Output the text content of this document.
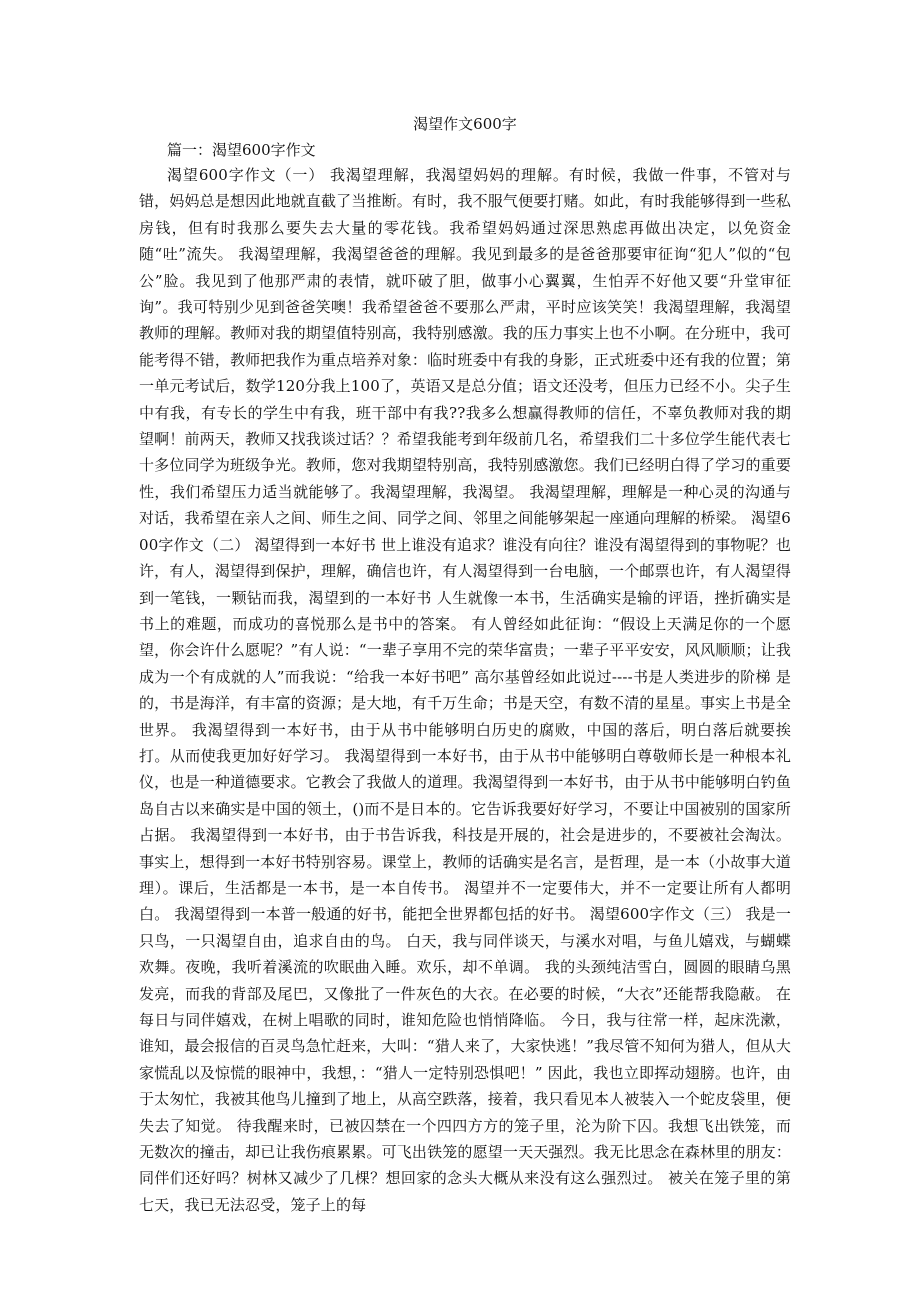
渴望作文600字

篇一：渴望600字作文

渴望600字作文（一） 我渴望理解，我渴望妈妈的理解。有时候，我做一件事，不管对与错，妈妈总是想因此地就直截了当推断。有时，我不服气便要打赌。如此，有时我能够得到一些私房钱，但有时我那么要失去大量的零花钱。我希望妈妈通过深思熟虑再做出决定，以免资金随“吐”流失。 我渴望理解，我渴望爸爸的理解。我见到最多的是爸爸那要审征询“犯人”似的“包公”脸。我见到了他那严肃的表情，就吓破了胆，做事小心翼翼，生怕弄不好他又要“升堂审征询”。我可特别少见到爸爸笑噢！我希望爸爸不要那么严肃，平时应该笑笑！我渴望理解，我渴望教师的理解。教师对我的期望值特别高，我特别感激。我的压力事实上也不小啊。在分班中，我可能考得不错，教师把我作为重点培养对象：临时班委中有我的身影，正式班委中还有我的位置；第一单元考试后，数学120分我上100了，英语又是总分值；语文还没考，但压力已经不小。尖子生中有我，有专长的学生中有我，班干部中有我??我多么想赢得教师的信任，不辜负教师对我的期望啊！前两天，教师又找我谈过话？？希望我能考到年级前几名，希望我们二十多位学生能代表七十多位同学为班级争光。教师，您对我期望特别高，我特别感激您。我们已经明白得了学习的重要性，我们希望压力适当就能够了。我渴望理解，我渴望。 我渴望理解，理解是一种心灵的沟通与对话，我希望在亲人之间、师生之间、同学之间、邻里之间能够架起一座通向理解的桥梁。 渴望600字作文（二） 渴望得到一本好书 世上谁没有追求？谁没有向往？谁没有渴望得到的事物呢？也许，有人，渴望得到保护，理解，确信也许，有人渴望得到一台电脑，一个邮票也许，有人渴望得到一笔钱，一颗钻而我，渴望到的一本好书 人生就像一本书，生活确实是输的评语，挫折确实是书上的难题，而成功的喜悦那么是书中的答案。 有人曾经如此征询：“假设上天满足你的一个愿望，你会许什么愿呢？”有人说：“一辈子享用不完的荣华富贵；一辈子平平安安，风风顺顺；让我成为一个有成就的人”而我说：“给我一本好书吧” 高尔基曾经如此说过----书是人类进步的阶梯 是的，书是海洋，有丰富的资源；是大地，有千万生命；书是天空，有数不清的星星。事实上书是全世界。 我渴望得到一本好书，由于从书中能够明白历史的腐败，中国的落后，明白落后就要挨打。从而使我更加好好学习。 我渴望得到一本好书，由于从书中能够明白尊敬师长是一种根本礼仪，也是一种道德要求。它教会了我做人的道理。我渴望得到一本好书，由于从书中能够明白钓鱼岛自古以来确实是中国的领土，()而不是日本的。它告诉我要好好学习，不要让中国被别的国家所占据。 我渴望得到一本好书，由于书告诉我，科技是开展的，社会是进步的，不要被社会淘汰。 事实上，想得到一本好书特别容易。课堂上，教师的话确实是名言，是哲理，是一本（小故事大道理）。课后，生活都是一本书，是一本自传书。 渴望并不一定要伟大，并不一定要让所有人都明白。 我渴望得到一本普一般通的好书，能把全世界都包括的好书。 渴望600字作文（三） 我是一只鸟，一只渴望自由，追求自由的鸟。 白天，我与同伴谈天，与溪水对唱，与鱼儿嬉戏，与蝴蝶欢舞。夜晚，我听着溪流的吹眠曲入睡。欢乐，却不单调。 我的头颈纯洁雪白，圆圆的眼睛乌黑发亮，而我的背部及尾巴，又像批了一件灰色的大衣。在必要的时候，“大衣”还能帮我隐蔽。 在每日与同伴嬉戏，在树上唱歌的同时，谁知危险也悄悄降临。 今日，我与往常一样，起床洗漱，谁知，最会报信的百灵鸟急忙赶来，大叫：“猎人来了，大家快逃！”我尽管不知何为猎人，但从大家慌乱以及惊慌的眼神中，我想，：“猎人一定特别恐惧吧！” 因此，我也立即挥动翅膀。也许，由于太匆忙，我被其他鸟儿撞到了地上，从高空跌落，接着，我只看见本人被装入一个蛇皮袋里，便失去了知觉。 待我醒来时，已被囚禁在一个四四方方的笼子里，沦为阶下囚。我想飞出铁笼，而无数次的撞击，却已让我伤痕累累。可飞出铁笼的愿望一天天强烈。我无比思念在森林里的朋友：同伴们还好吗？树林又减少了几棵？想回家的念头大概从来没有这么强烈过。 被关在笼子里的第七天，我已无法忍受，笼子上的每
